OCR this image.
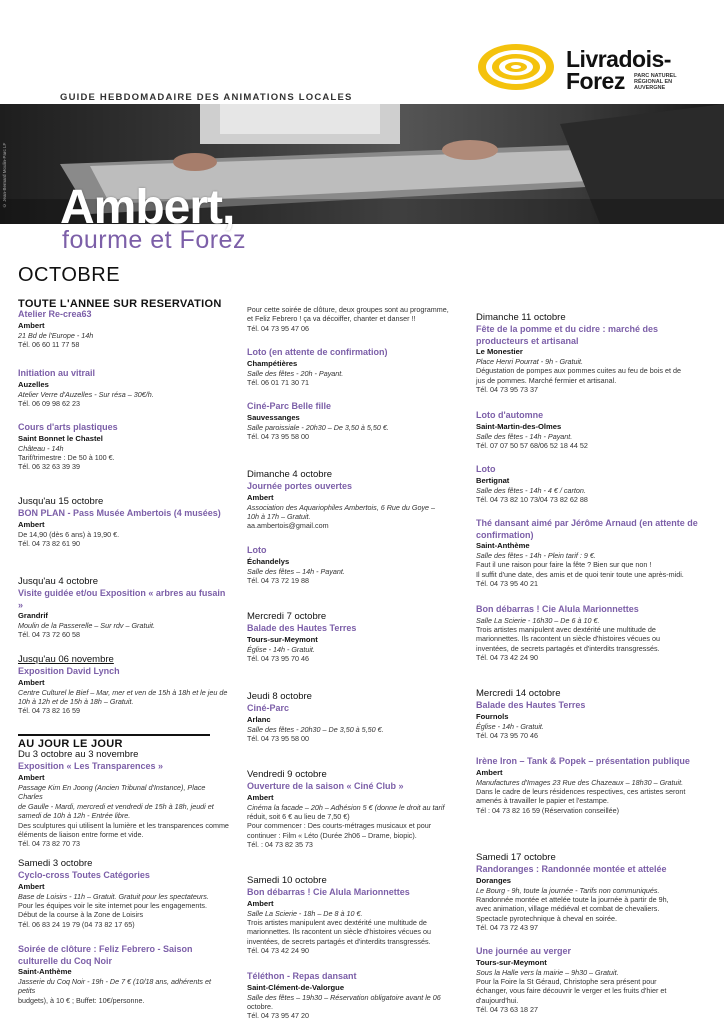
Livradois-
Forez PARC NATUREL RÉGIONAL EN AUVERGNE
GUIDE HEBDOMADAIRE DES ANIMATIONS LOCALES
© Jean-Bernard Moulin-Parc LF Ambert,
fourme et Forez
OCTOBRE
TOUTE L'ANNEE SUR RESERVATION
Atelier Re-crea63
Ambert
21 Bd de l'Europe - 14h
Tél. 06 60 11 77 58
Initiation au vitrail
Auzelles
Atelier Verre d'Auzelles - Sur résa – 30€/h.
Tél. 06 09 98 62 23
Cours d'arts plastiques
Saint Bonnet le Chastel
Château - 14h
Tarif/trimestre : De 50 à 100 €.
Tél. 06 32 63 39 39
Jusqu'au 15 octobre
BON PLAN - Pass Musée Ambertois (4 musées)
Ambert
De 14,90 (dès 6 ans) à 19,90 €.
Tél. 04 73 82 61 90
Jusqu'au 4 octobre
Visite guidée et/ou Exposition « arbres au fusain »
Grandrif
Moulin de la Passerelle – Sur rdv – Gratuit.
Tél. 04 73 72 60 58
Jusqu'au 06 novembre
Exposition David Lynch
Ambert
Centre Culturel le Bief – Mar, mer et ven de 15h à 18h et le jeu de
10h à 12h et de 15h à 18h – Gratuit.
Tél. 04 73 82 16 59
AU JOUR LE JOUR
Du 3 octobre au 3 novembre
Exposition « Les Transparences »
Ambert
Passage Kim En Joong (Ancien Tribunal d'Instance), Place Charles
de Gaulle - Mardi, mercredi et vendredi de 15h à 18h, jeudi et
samedi de 10h à 12h - Entrée libre.
Des sculptures qui utilisent la lumière et les transparences comme
éléments de liaison entre forme et vide.
Tél. 04 73 82 70 73
Samedi 3 octobre
Cyclo-cross Toutes Catégories
Ambert
Base de Loisirs - 11h – Gratuit. Gratuit pour les spectateurs.
Pour les équipes voir le site internet pour les engagements.
Début de la course à la Zone de Loisirs
Tél. 06 83 24 19 79 (04 73 82 17 65)
Soirée de clôture : Feliz Febrero - Saison culturelle du Coq Noir
Saint-Anthème
Jasserie du Coq Noir - 19h - De 7 € (10/18 ans, adhérents et petits
budgets), à 10 € ; Buffet: 10€/personne.
Pour cette soirée de clôture, deux groupes sont au programme,
et Feliz Febrero ! ça va décoiffer, chanter et danser !!
Tél. 04 73 95 47 06
Loto (en attente de confirmation)
Champétières
Salle des fêtes - 20h - Payant.
Tél. 06 01 71 30 71
Ciné-Parc Belle fille
Sauvessanges
Salle paroissiale - 20h30 – De 3,50 à 5,50 €.
Tél. 04 73 95 58 00
Dimanche 4 octobre
Journée portes ouvertes
Ambert
Association des Aquariophiles Ambertois, 6 Rue du Goye –
10h à 17h – Gratuit.
aa.ambertois@gmail.com
Loto
Échandelys
Salle des fêtes – 14h - Payant.
Tél. 04 73 72 19 88
Mercredi 7 octobre
Balade des Hautes Terres
Tours-sur-Meymont
Église - 14h - Gratuit.
Tél. 04 73 95 70 46
Jeudi 8 octobre
Ciné-Parc
Arlanc
Salle des fêtes - 20h30 – De 3,50 à 5,50 €.
Tél. 04 73 95 58 00
Vendredi 9 octobre
Ouverture de la saison « Ciné Club »
Ambert
Cinéma la facade – 20h – Adhésion 5 € (donne le droit au tarif
réduit, soit 6 € au lieu de 7,50 €)
Pour commencer : Des courts-métrages musicaux et pour
continuer : Film « Léto (Durée 2h06 – Drame, biopic).
Tél. : 04 73 82 35 73
Samedi 10 octobre
Bon débarras ! Cie Alula Marionnettes
Ambert
Salle La Scierie - 18h – De 8 à 10 €.
Trois artistes manipulent avec dextérité une multitude de
marionnettes. Ils racontent un siècle d'histoires vécues ou
inventées, de secrets partagés et d'interdits transgressés.
Tél. 04 73 42 24 90
Téléthon - Repas dansant
Saint-Clément-de-Valorgue
Salle des fêtes – 19h30 – Réservation obligatoire avant le 06
octobre.
Tél. 04 73 95 47 20
Dimanche 11 octobre
Fête de la pomme et du cidre : marché des producteurs et artisanal
Le Monestier
Place Henri Pourrat - 9h - Gratuit.
Dégustation de pompes aux pommes cuites au feu de bois et de
jus de pommes. Marché fermier et artisanal.
Tél. 04 73 95 73 37
Loto d'automne
Saint-Martin-des-Olmes
Salle des fêtes - 14h - Payant.
Tél. 07 07 50 57 68/06 52 18 44 52
Loto
Bertignat
Salle des fêtes - 14h - 4 € / carton.
Tél. 04 73 82 10 73/04 73 82 62 88
Thé dansant aimé par Jérôme Arnaud (en attente de confirmation)
Saint-Anthème
Salle des fêtes - 14h - Plein tarif : 9 €.
Faut il une raison pour faire la fête ? Bien sur que non !
Il suffit d'une date, des amis et de quoi tenir toute une après-midi.
Tél. 04 73 95 40 21
Bon débarras ! Cie Alula Marionnettes
Salle La Scierie - 16h30 – De 6 à 10 €.
Trois artistes manipulent avec dextérité une multitude de
marionnettes. Ils racontent un siècle d'histoires vécues ou
inventées, de secrets partagés et d'interdits transgressés.
Tél. 04 73 42 24 90
Mercredi 14 octobre
Balade des Hautes Terres
Fournols
Église - 14h - Gratuit.
Tél. 04 73 95 70 46
Irène Iron – Tank & Popek – présentation publique
Ambert
Manufactures d'Images 23 Rue des Chazeaux – 18h30 – Gratuit.
Dans le cadre de leurs résidences respectives, ces artistes seront
amenés à travailler le papier et l'estampe.
Tél : 04 73 82 16 59 (Réservation conseillée)
Samedi 17 octobre
Randoranges : Randonnée montée et attelée
Doranges
Le Bourg - 9h, toute la journée - Tarifs non communiqués.
Randonnée montée et attelée toute la journée à partir de 9h,
avec animation, village médiéval et combat de chevaliers.
Spectacle pyrotechnique à cheval en soirée.
Tél. 04 73 72 43 97
Une journée au verger
Tours-sur-Meymont
Sous la Halle vers la mairie – 9h30 – Gratuit.
Pour la Foire la St Géraud, Christophe sera présent pour
échanger, vous faire découvrir le verger et les fruits d'hier et
d'aujourd'hui.
Tél. 04 73 63 18 27
